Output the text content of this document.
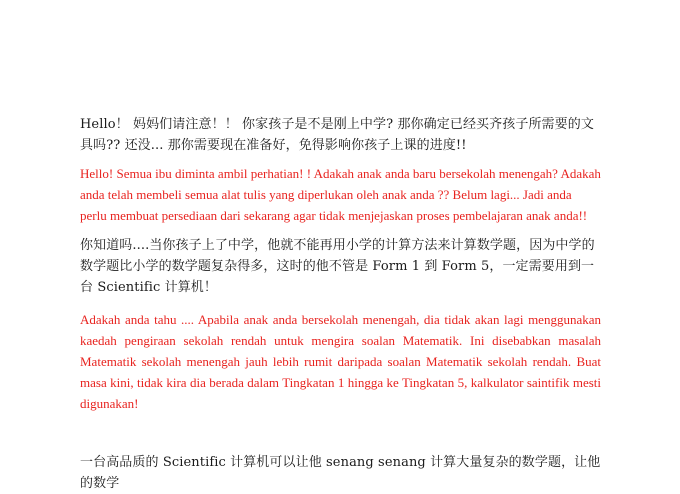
Hello！ 妈妈们请注意！！ 你家孩子是不是刚上中学? 那你确定已经买齐孩子所需要的文具吗?? 还没... 那你需要现在准备好，免得影响你孩子上课的进度!!

Hello! Semua ibu diminta ambil perhatian! ! Adakah anak anda baru bersekolah menengah? Adakah anda telah membeli semua alat tulis yang diperlukan oleh anak anda ?? Belum lagi... Jadi anda perlu membuat persediaan dari sekarang agar tidak menjejaskan proses pembelajaran anak anda!!

你知道吗....当你孩子上了中学，他就不能再用小学的计算方法来计算数学题，因为中学的数学题比小学的数学题复杂得多，这时的他不管是 Form 1 到 Form 5，一定需要用到一台 Scientific 计算机！

Adakah anda tahu .... Apabila anak anda bersekolah menengah, dia tidak akan lagi menggunakan kaedah pengiraan sekolah rendah untuk mengira soalan Matematik. Ini disebabkan masalah Matematik sekolah menengah jauh lebih rumit daripada soalan Matematik sekolah rendah. Buat masa kini, tidak kira dia berada dalam Tingkatan 1 hingga ke Tingkatan 5, kalkulator saintifik mesti digunakan!

一台高品质的 Scientific 计算机可以让他 senang senang 计算大量复杂的数学题，让他的数学
